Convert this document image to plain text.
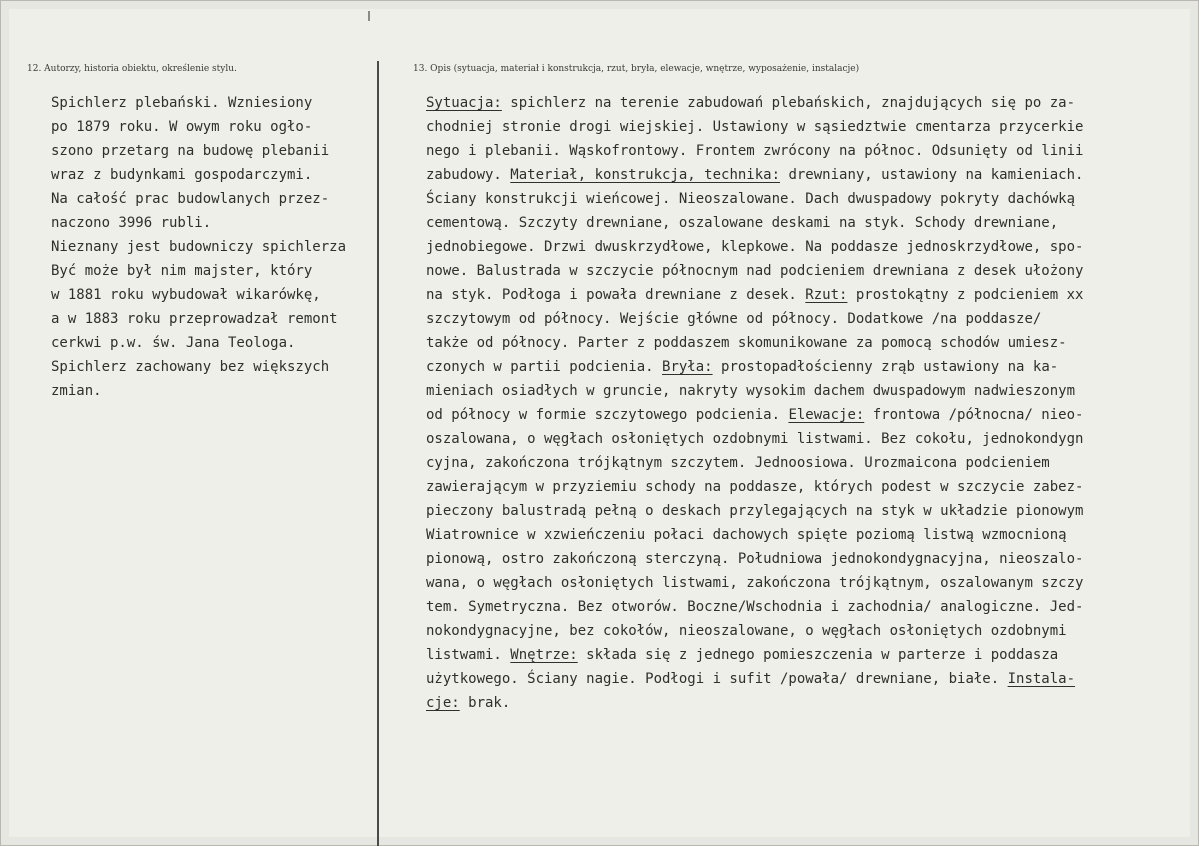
12. Autorzy, historia obiektu, określenie stylu.	13. Opis (sytuacja, materiał i konstrukcja, rzut, bryła, elewacje, wnętrze, wyposażenie, instalacje)
Spichlerz plebański. Wzniesiony
po 1879 roku. W owym roku ogło-
szono przetarg na budowę plebanii
wraz z budynkami gospodarczymi.
Na całość prac budowlanych przez-
naczono 3996 rubli.
Nieznany jest budowniczy spichlerza
Być może był nim majster, który
w 1881 roku wybudował wikarówkę,
a w 1883 roku przeprowadzał remont
cerkwi p.w. św. Jana Teologa.
Spichlerz zachowany bez większych
zmian.
Sytuacja: spichlerz na terenie zabudowań plebańskich, znajdujących się po za-
chodniej stronie drogi wiejskiej. Ustawiony w sąsiedztwie cmentarza przycerkie
nego i plebanii. Wąskofrontowy. Frontem zwrócony na północ. Odsunięty od linii
zabudowy. Materiał, konstrukcja, technika: drewniany, ustawiony na kamieniach.
Ściany konstrukcji wieńcowej. Nieoszalowane. Dach dwuspadowy pokryty dachówką
cementową. Szczyty drewniane, oszalowane deskami na styk. Schody drewniane,
jednobiegowe. Drzwi dwuskrzydłowe, klepkowe. Na poddasze jednoskrzydłowe, spo-
nowe. Balustrada w szczycie północnym nad podcieniem drewniana z desek ułożony
na styk. Podłoga i powała drewniane z desek. Rzut: prostokątny z podcieniem xx
szczytowym od północy. Wejście główne od północy. Dodatkowe /na poddasze/
także od północy. Parter z poddaszem skomunikowane za pomocą schodów umiesz-
czonych w partii podcienia. Bryła: prostopadłościenny zrąb ustawiony na ka-
mieniach osiadłych w gruncie, nakryty wysokim dachem dwuspadowym nadwieszonym
od północy w formie szczytowego podcienia. Elewacje: frontowa /północna/ nieo-
oszalowana, o węgłach osłoniętych ozdobnymi listwami. Bez cokołu, jednokondygn
cyjna, zakończona trójkątnym szczytem. Jednoosiowa. Urozmaicona podcieniem
zawierającym w przyziemiu schody na poddasze, których podest w szczycie zabez-
pieczony balustradą pełną o deskach przylegających na styk w układzie pionowym
Wiatrownice w xzwieńczeniu połaci dachowych spięte poziomą listwą wzmocnioną
pionową, ostro zakończoną sterczyną. Południowa jednokondygnacyjna, nieoszalo-
wana, o węgłach osłoniętych listwami, zakończona trójkątnym, oszalowanym szczy
tem. Symetryczna. Bez otworów. Boczne/Wschodnia i zachodnia/ analogiczne. Jed-
nokondygnacyjne, bez cokołów, nieoszalowane, o węgłach osłoniętych ozdobnymi
listwami. Wnętrze: składa się z jednego pomieszczenia w parterze i poddasza
użytkowego. Ściany nagie. Podłogi i sufit /powała/ drewniane, białe. Instala-
cje: brak.
